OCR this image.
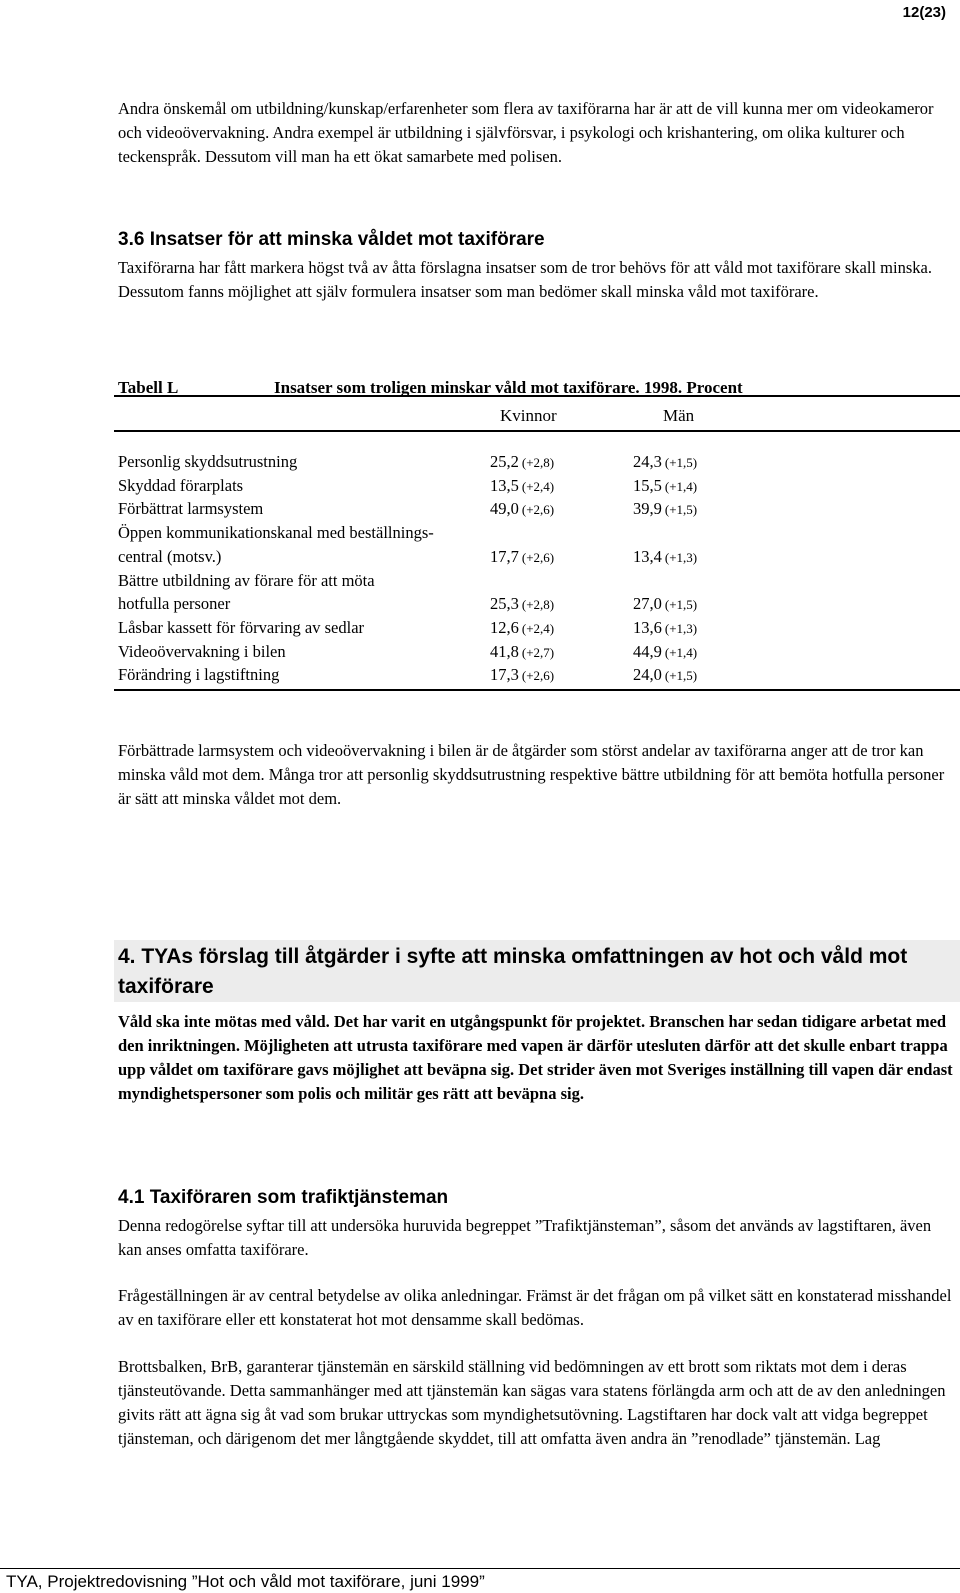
12(23)

Andra önskemål om utbildning/kunskap/erfarenheter som flera av taxiförarna har är att de vill kunna mer om videokameror och videoövervakning. Andra exempel är utbildning i självförsvar, i psykologi och krishantering, om olika kulturer och teckenspråk. Dessutom vill man ha ett ökat samarbete med polisen.

3.6 Insatser för att minska våldet mot taxiförare

Taxiförarna har fått markera högst två av åtta förslagna insatser som de tror behövs för att våld mot taxiförare skall minska. Dessutom fanns möjlighet att själv formulera insatser som man bedömer skall minska våld mot taxiförare.

Tabell L	Insatser som troligen minskar våld mot taxiförare. 1998. Procent
Kvinnor	Män
Personlig skyddsutrustning	25,2 (+2,8)	24,3 (+1,5)
Skyddad förarplats	13,5 (+2,4)	15,5 (+1,4)
Förbättrat larmsystem	49,0 (+2,6)	39,9 (+1,5)
Öppen kommunikationskanal med beställnings-
central (motsv.)	17,7 (+2,6)	13,4 (+1,3)
Bättre utbildning av förare för att möta
hotfulla personer	25,3 (+2,8)	27,0 (+1,5)
Låsbar kassett för förvaring av sedlar	12,6 (+2,4)	13,6 (+1,3)
Videoövervakning i bilen	41,8 (+2,7)	44,9 (+1,4)
Förändring i lagstiftning	17,3 (+2,6)	24,0 (+1,5)

Förbättrade larmsystem och videoövervakning i bilen är de åtgärder som störst andelar av taxiförarna anger att de tror kan minska våld mot dem. Många tror att personlig skyddsutrustning respektive bättre utbildning för att bemöta hotfulla personer är sätt att minska våldet mot dem.

4. TYAs förslag till åtgärder i syfte att minska omfattningen av hot och våld mot taxiförare

Våld ska inte mötas med våld. Det har varit en utgångspunkt för projektet. Branschen har sedan tidigare arbetat med den inriktningen. Möjligheten att utrusta taxiförare med vapen är därför utesluten därför att det skulle enbart trappa upp våldet om taxiförare gavs möjlighet att beväpna sig. Det strider även mot Sveriges inställning till vapen där endast myndighetspersoner som polis och militär ges rätt att beväpna sig.

4.1 Taxiföraren som trafiktjänsteman

Denna redogörelse syftar till att undersöka huruvida begreppet ”Trafiktjänsteman”, såsom det används av lagstiftaren, även kan anses omfatta taxiförare.

Frågeställningen är av central betydelse av olika anledningar. Främst är det frågan om på vilket sätt en konstaterad misshandel av en taxiförare eller ett konstaterat hot mot densamme skall bedömas.

Brottsbalken, BrB, garanterar tjänstemän en särskild ställning vid bedömningen av ett brott som riktats mot dem i deras tjänsteutövande. Detta sammanhänger med att tjänstemän kan sägas vara statens förlängda arm och att de av den anledningen givits rätt att ägna sig åt vad som brukar uttryckas som myndighetsutövning. Lagstiftaren har dock valt att vidga begreppet tjänsteman, och därigenom det mer långtgående skyddet, till att omfatta även andra än ”renodlade” tjänstemän. Lag

TYA, Projektredovisning ”Hot och våld mot taxiförare, juni 1999”
